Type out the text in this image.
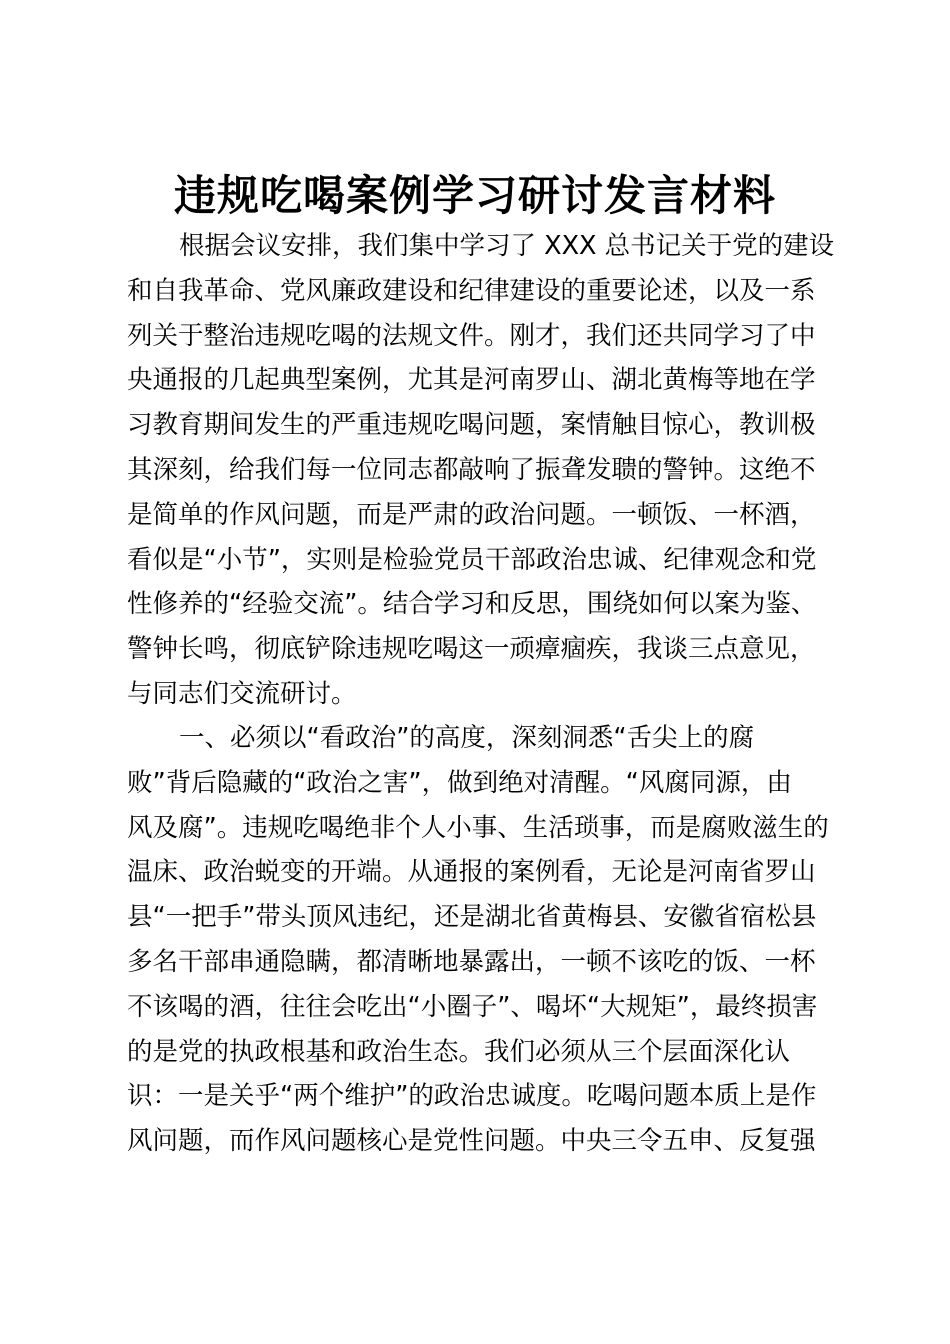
违规吃喝案例学习研讨发言材料
根据会议安排，我们集中学习了 XXX 总书记关于党的建设
和自我革命、党风廉政建设和纪律建设的重要论述，以及一系
列关于整治违规吃喝的法规文件。刚才，我们还共同学习了中
央通报的几起典型案例，尤其是河南罗山、湖北黄梅等地在学
习教育期间发生的严重违规吃喝问题，案情触目惊心，教训极
其深刻，给我们每一位同志都敲响了振聋发聩的警钟。这绝不
是简单的作风问题，而是严肃的政治问题。一顿饭、一杯酒，
看似是“小节”，实则是检验党员干部政治忠诚、纪律观念和党
性修养的“经验交流”。结合学习和反思，围绕如何以案为鉴、
警钟长鸣，彻底铲除违规吃喝这一顽瘴痼疾，我谈三点意见，
与同志们交流研讨。
一、必须以“看政治”的高度，深刻洞悉“舌尖上的腐
败”背后隐藏的“政治之害”，做到绝对清醒。“风腐同源，由
风及腐”。违规吃喝绝非个人小事、生活琐事，而是腐败滋生的
温床、政治蜕变的开端。从通报的案例看，无论是河南省罗山
县“一把手”带头顶风违纪，还是湖北省黄梅县、安徽省宿松县
多名干部串通隐瞒，都清晰地暴露出，一顿不该吃的饭、一杯
不该喝的酒，往往会吃出“小圈子”、喝坏“大规矩”，最终损害
的是党的执政根基和政治生态。我们必须从三个层面深化认
识：一是关乎“两个维护”的政治忠诚度。吃喝问题本质上是作
风问题，而作风问题核心是党性问题。中央三令五申、反复强
